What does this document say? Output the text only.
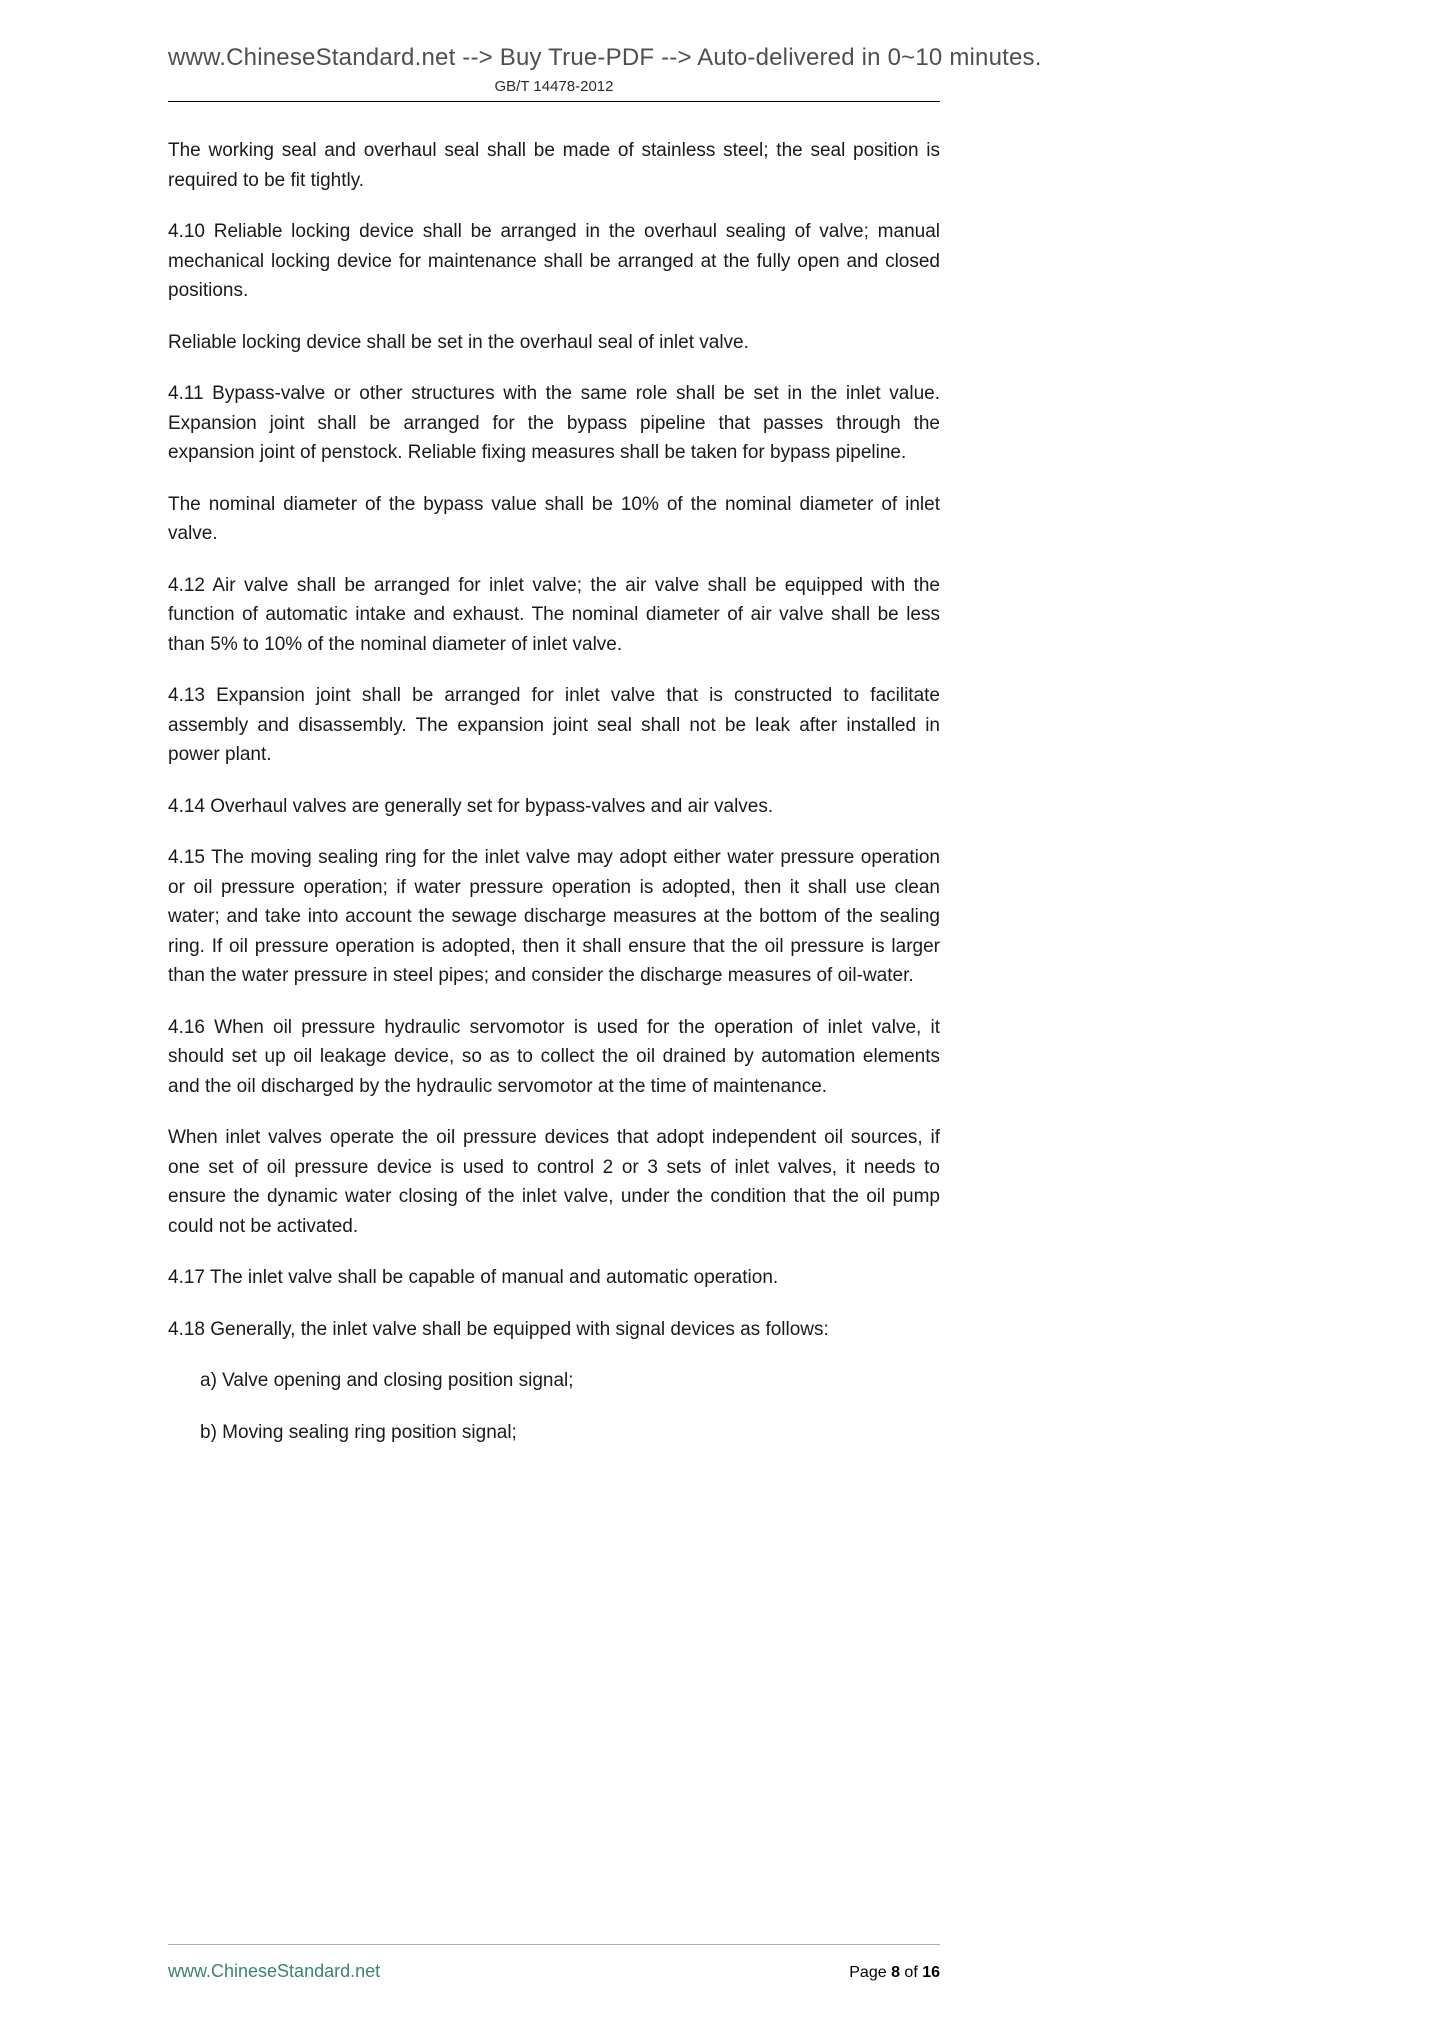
www.ChineseStandard.net --> Buy True-PDF --> Auto-delivered in 0~10 minutes.
GB/T 14478-2012

The working seal and overhaul seal shall be made of stainless steel; the seal position is required to be fit tightly.

4.10 Reliable locking device shall be arranged in the overhaul sealing of valve; manual mechanical locking device for maintenance shall be arranged at the fully open and closed positions.

Reliable locking device shall be set in the overhaul seal of inlet valve.

4.11 Bypass-valve or other structures with the same role shall be set in the inlet value. Expansion joint shall be arranged for the bypass pipeline that passes through the expansion joint of penstock. Reliable fixing measures shall be taken for bypass pipeline.

The nominal diameter of the bypass value shall be 10% of the nominal diameter of inlet valve.

4.12 Air valve shall be arranged for inlet valve; the air valve shall be equipped with the function of automatic intake and exhaust. The nominal diameter of air valve shall be less than 5% to 10% of the nominal diameter of inlet valve.

4.13 Expansion joint shall be arranged for inlet valve that is constructed to facilitate assembly and disassembly. The expansion joint seal shall not be leak after installed in power plant.

4.14 Overhaul valves are generally set for bypass-valves and air valves.

4.15 The moving sealing ring for the inlet valve may adopt either water pressure operation or oil pressure operation; if water pressure operation is adopted, then it shall use clean water; and take into account the sewage discharge measures at the bottom of the sealing ring. If oil pressure operation is adopted, then it shall ensure that the oil pressure is larger than the water pressure in steel pipes; and consider the discharge measures of oil-water.

4.16 When oil pressure hydraulic servomotor is used for the operation of inlet valve, it should set up oil leakage device, so as to collect the oil drained by automation elements and the oil discharged by the hydraulic servomotor at the time of maintenance.

When inlet valves operate the oil pressure devices that adopt independent oil sources, if one set of oil pressure device is used to control 2 or 3 sets of inlet valves, it needs to ensure the dynamic water closing of the inlet valve, under the condition that the oil pump could not be activated.

4.17 The inlet valve shall be capable of manual and automatic operation.

4.18 Generally, the inlet valve shall be equipped with signal devices as follows:

a) Valve opening and closing position signal;

b) Moving sealing ring position signal;

www.ChineseStandard.net	Page 8 of 16
